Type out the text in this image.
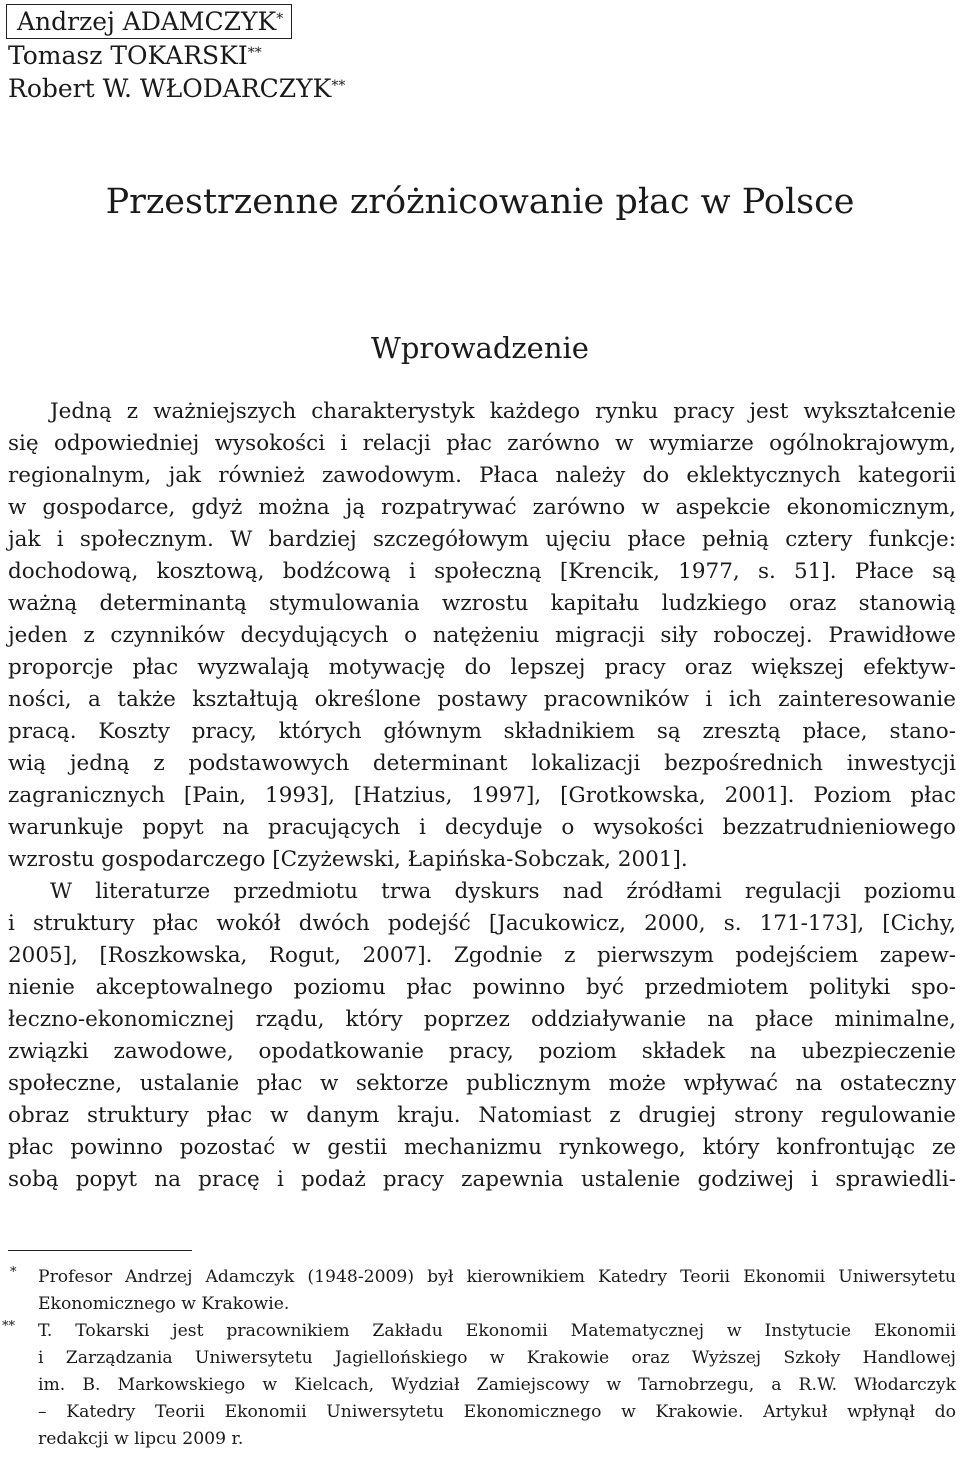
Andrzej ADAMCZYK*
Tomasz TOKARSKI**
Robert W. WŁODARCZYK**
Przestrzenne zróżnicowanie płac w Polsce
Wprowadzenie
Jedną z ważniejszych charakterystyk każdego rynku pracy jest wykształcenie
się odpowiedniej wysokości i relacji płac zarówno w wymiarze ogólnokrajowym,
regionalnym, jak również zawodowym. Płaca należy do eklektycznych kategorii
w gospodarce, gdyż można ją rozpatrywać zarówno w aspekcie ekonomicznym,
jak i społecznym. W bardziej szczegółowym ujęciu płace pełnią cztery funkcje:
dochodową, kosztową, bodźcową i społeczną [Krencik, 1977, s. 51]. Płace są
ważną determinantą stymulowania wzrostu kapitału ludzkiego oraz stanowią
jeden z czynników decydujących o natężeniu migracji siły roboczej. Prawidłowe
proporcje płac wyzwalają motywację do lepszej pracy oraz większej efektyw-
ności, a także kształtują określone postawy pracowników i ich zainteresowanie
pracą. Koszty pracy, których głównym składnikiem są zresztą płace, stano-
wią jedną z podstawowych determinant lokalizacji bezpośrednich inwestycji
zagranicznych [Pain, 1993], [Hatzius, 1997], [Grotkowska, 2001]. Poziom płac
warunkuje popyt na pracujących i decyduje o wysokości bezzatrudnieniowego
wzrostu gospodarczego [Czyżewski, Łapińska-Sobczak, 2001].
W literaturze przedmiotu trwa dyskurs nad źródłami regulacji poziomu
i struktury płac wokół dwóch podejść [Jacukowicz, 2000, s. 171-173], [Cichy,
2005], [Roszkowska, Rogut, 2007]. Zgodnie z pierwszym podejściem zapew-
nienie akceptowalnego poziomu płac powinno być przedmiotem polityki spo-
łeczno-ekonomicznej rządu, który poprzez oddziaływanie na płace minimalne,
związki zawodowe, opodatkowanie pracy, poziom składek na ubezpieczenie
społeczne, ustalanie płac w sektorze publicznym może wpływać na ostateczny
obraz struktury płac w danym kraju. Natomiast z drugiej strony regulowanie
płac powinno pozostać w gestii mechanizmu rynkowego, który konfrontując ze
sobą popyt na pracę i podaż pracy zapewnia ustalenie godziwej i sprawiedli-
* Profesor Andrzej Adamczyk (1948-2009) był kierownikiem Katedry Teorii Ekonomii Uniwersytetu
Ekonomicznego w Krakowie.
** T. Tokarski jest pracownikiem Zakładu Ekonomii Matematycznej w Instytucie Ekonomii
i Zarządzania Uniwersytetu Jagiellońskiego w Krakowie oraz Wyższej Szkoły Handlowej
im. B. Markowskiego w Kielcach, Wydział Zamiejscowy w Tarnobrzegu, a R.W. Włodarczyk
– Katedry Teorii Ekonomii Uniwersytetu Ekonomicznego w Krakowie. Artykuł wpłynął do
redakcji w lipcu 2009 r.
